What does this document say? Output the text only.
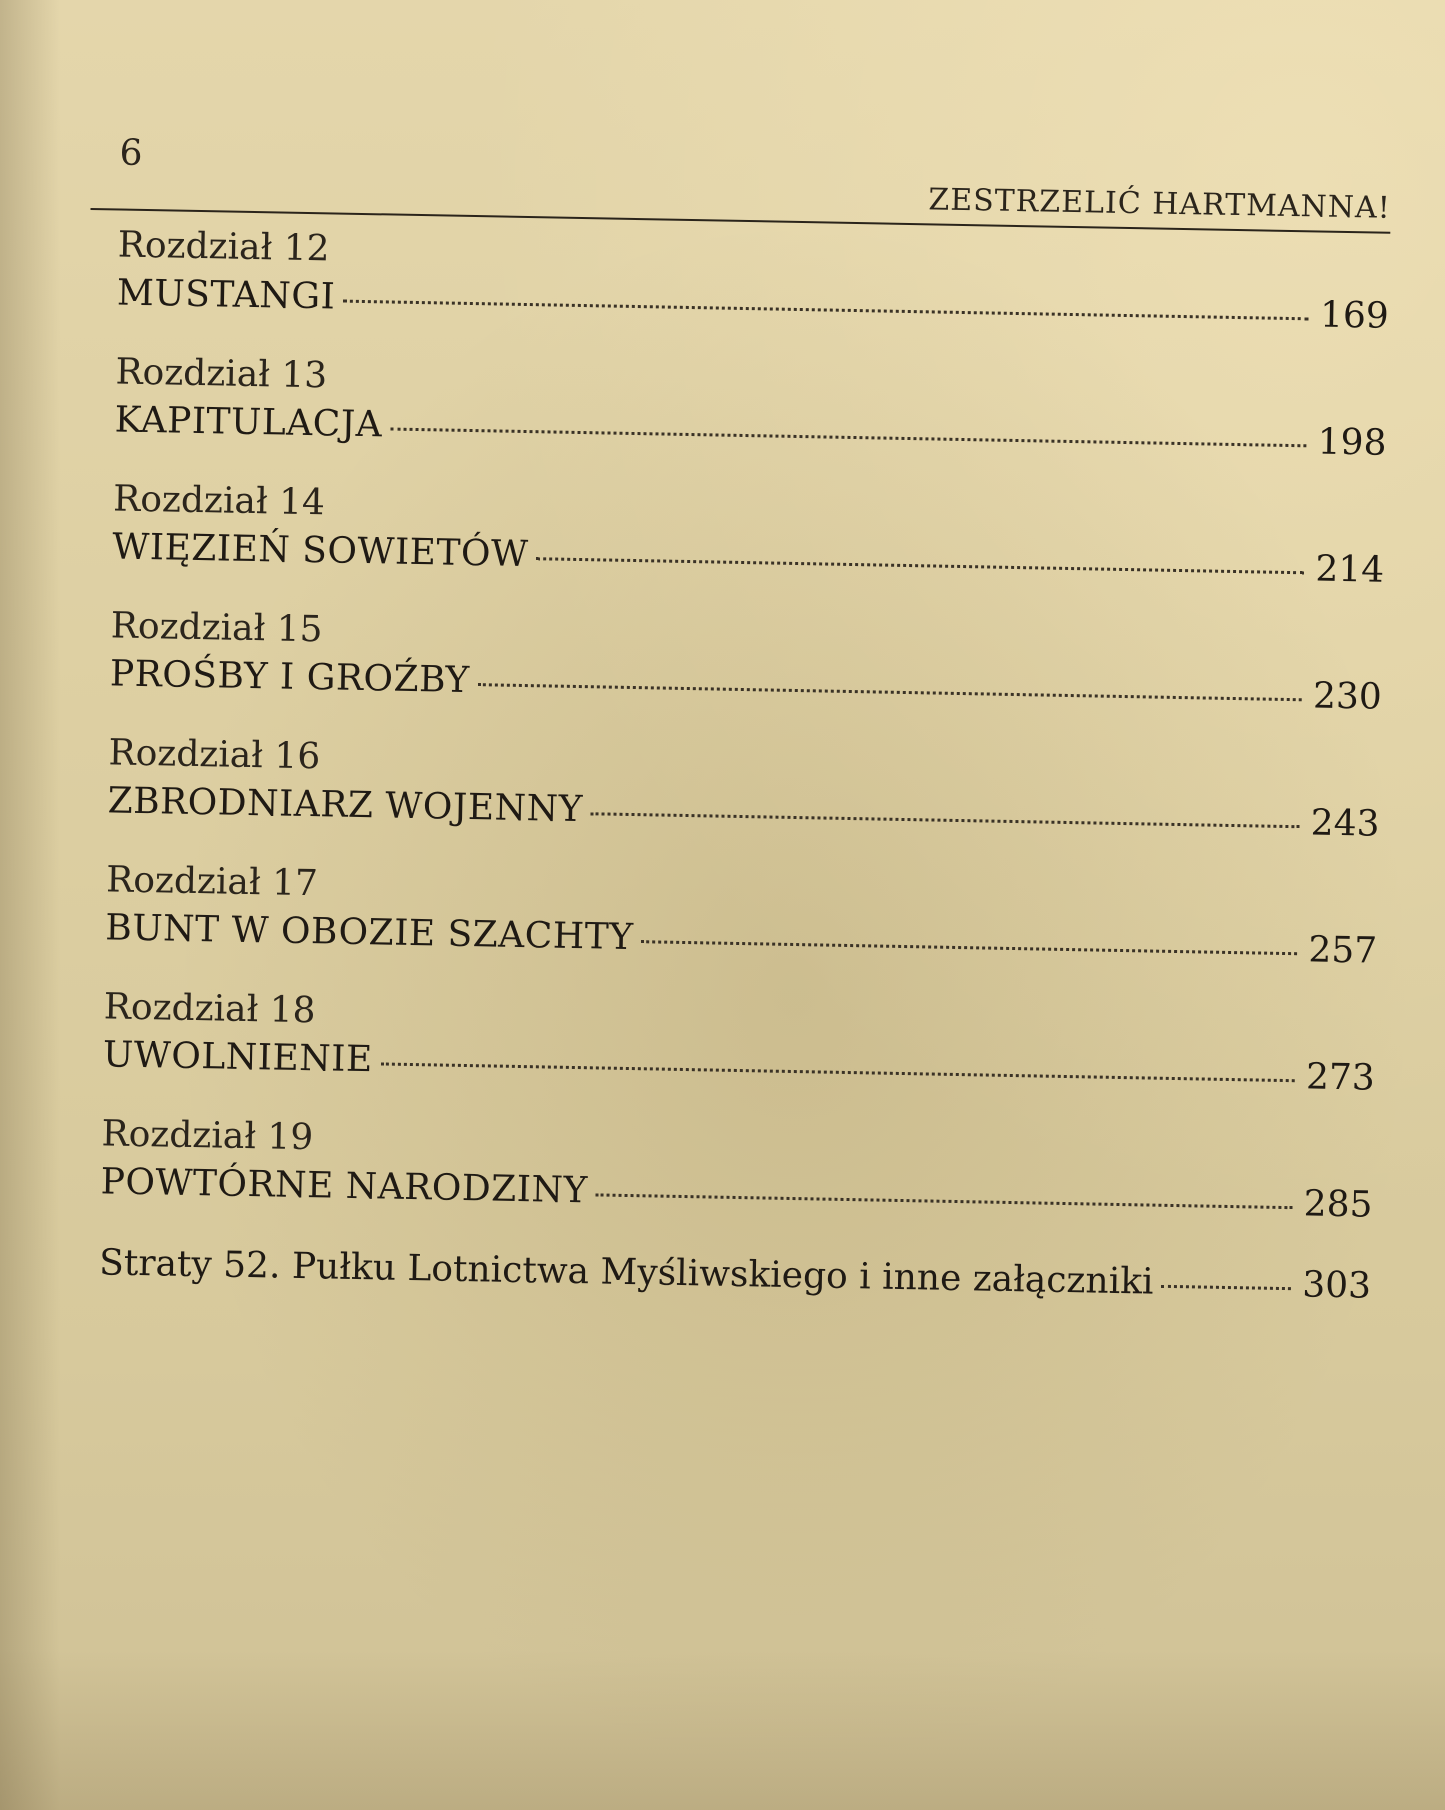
6
ZESTRZELIĆ HARTMANNA!
Rozdział 12
MUSTANGI	169
Rozdział 13
KAPITULACJA	198
Rozdział 14
WIĘZIEŃ SOWIETÓW	214
Rozdział 15
PROŚBY I GROŹBY	230
Rozdział 16
ZBRODNIARZ WOJENNY	243
Rozdział 17
BUNT W OBOZIE SZACHTY	257
Rozdział 18
UWOLNIENIE	273
Rozdział 19
POWTÓRNE NARODZINY	285
Straty 52. Pułku Lotnictwa Myśliwskiego i inne załączniki	303
